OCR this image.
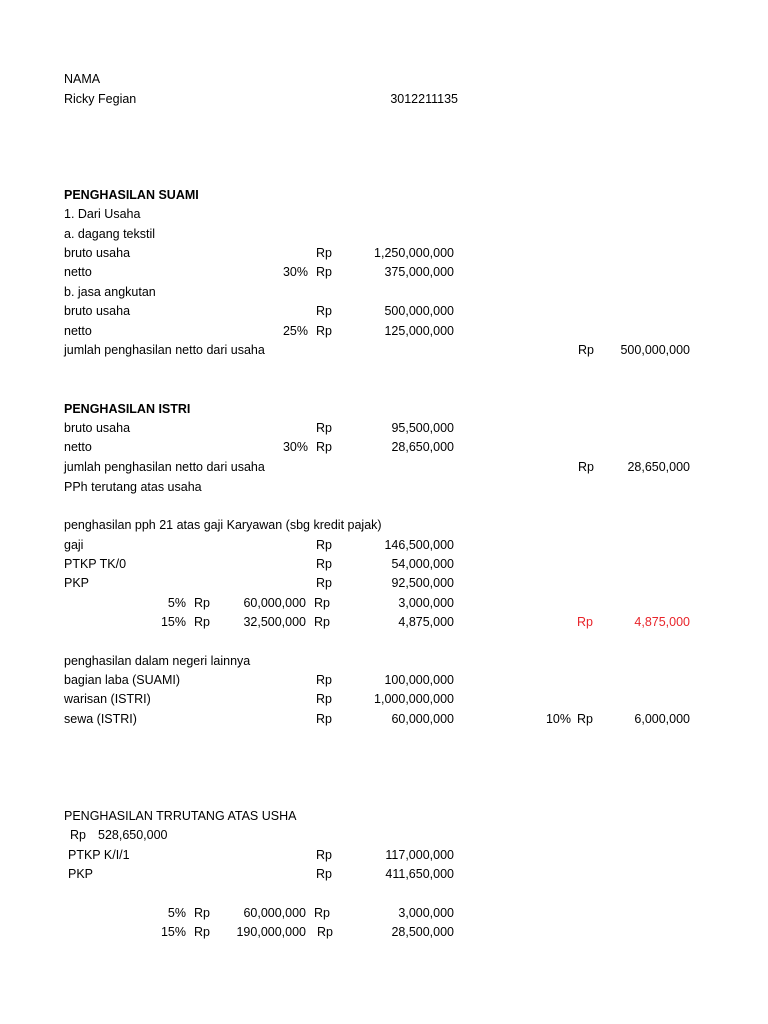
NAMA
Ricky Fegian	3012211135
PENGHASILAN SUAMI
1. Dari Usaha
a. dagang tekstil
bruto usaha	Rp	1,250,000,000
netto	30% Rp	375,000,000
b. jasa angkutan
bruto usaha	Rp	500,000,000
netto	25% Rp	125,000,000
jumlah penghasilan netto dari usaha	Rp 500,000,000
PENGHASILAN ISTRI
bruto usaha	Rp	95,500,000
netto	30% Rp	28,650,000
jumlah penghasilan netto dari usaha	Rp	28,650,000
PPh terutang atas usaha
penghasilan pph 21 atas gaji Karyawan (sbg kredit pajak)
gaji	Rp	146,500,000
PTKP TK/0	Rp	54,000,000
PKP	Rp	92,500,000
5% Rp	60,000,000 Rp	3,000,000
15% Rp	32,500,000 Rp	4,875,000	Rp	4,875,000
penghasilan dalam negeri lainnya
bagian laba (SUAMI)	Rp	100,000,000
warisan (ISTRI)	Rp	1,000,000,000
sewa (ISTRI)	Rp	60,000,000	10% Rp	6,000,000
PENGHASILAN TRRUTANG ATAS USHA
Rp 528,650,000
PTKP K/I/1	Rp	117,000,000
PKP	Rp	411,650,000
5% Rp	60,000,000 Rp	3,000,000
15% Rp 190,000,000 Rp	28,500,000
